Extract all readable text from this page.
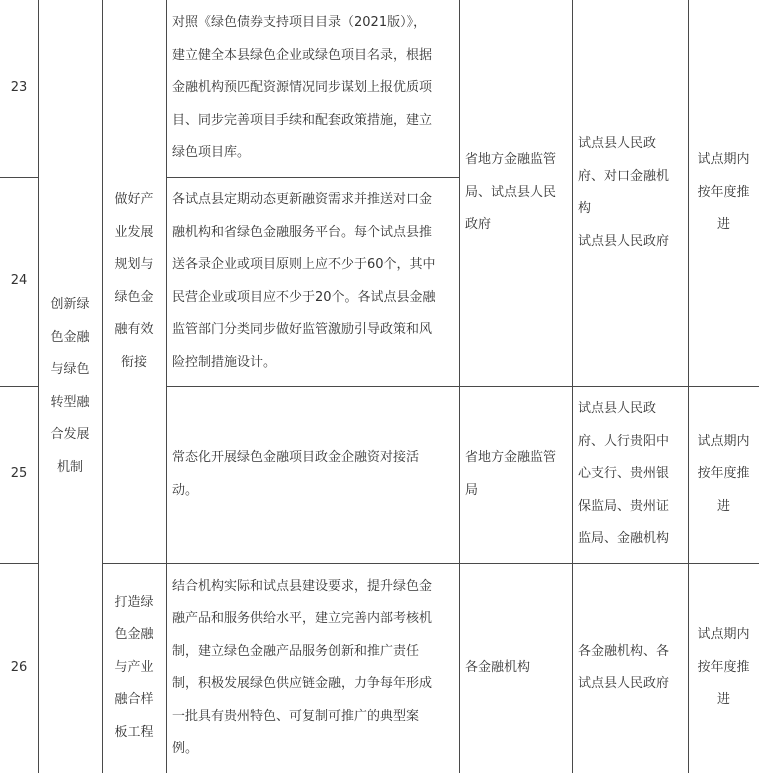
23
24
25
26
创新绿
色金融
与绿色
转型融
合发展
机制
做好产
业发展
规划与
绿色金
融有效
衔接
打造绿
色金融
与产业
融合样
板工程
对照《绿色债券支持项目目录（2021版）》，
建立健全本县绿色企业或绿色项目名录，根据
金融机构预匹配资源情况同步谋划上报优质项
目、同步完善项目手续和配套政策措施，建立
绿色项目库。
各试点县定期动态更新融资需求并推送对口金
融机构和省绿色金融服务平台。每个试点县推
送各录企业或项目原则上应不少于60个，其中
民营企业或项目应不少于20个。各试点县金融
监管部门分类同步做好监管激励引导政策和风
险控制措施设计。
常态化开展绿色金融项目政金企融资对接活
动。
结合机构实际和试点县建设要求，提升绿色金
融产品和服务供给水平，建立完善内部考核机
制，建立绿色金融产品服务创新和推广责任
制，积极发展绿色供应链金融，力争每年形成
一批具有贵州特色、可复制可推广的典型案
例。
省地方金融监管
局、试点县人民
政府
省地方金融监管
局
各金融机构
试点县人民政
府、对口金融机
构
试点县人民政府
试点县人民政
府、人行贵阳中
心支行、贵州银
保监局、贵州证
监局、金融机构
各金融机构、各
试点县人民政府
试点期内
按年度推
进
试点期内
按年度推
进
试点期内
按年度推
进
